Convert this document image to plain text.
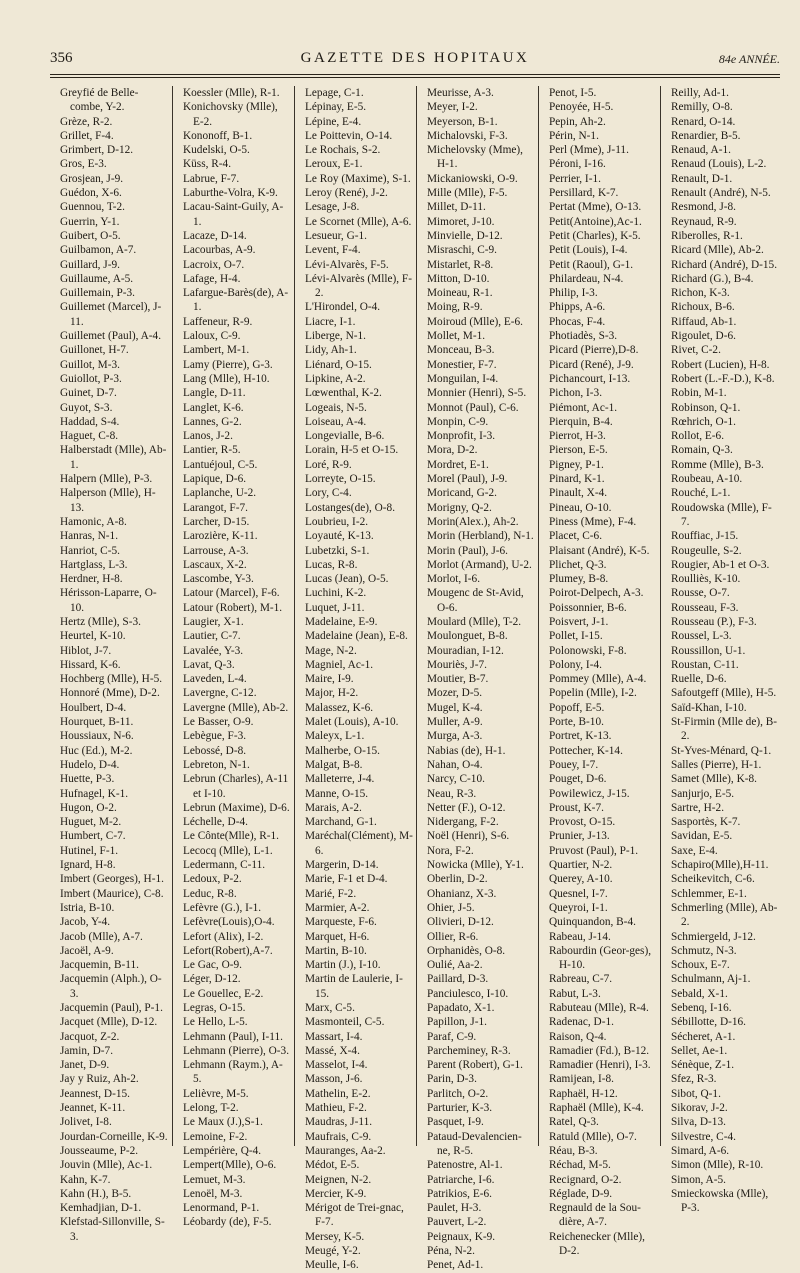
356	GAZETTE DES HOPITAUX	84e ANNÉE.

Greyfié de Belle-combe, Y-2.

Grèze, R-2.

Grillet, F-4.

Grimbert, D-12.

Gros, E-3.

Grosjean, J-9.

Guédon, X-6.

Guennou, T-2.

Guerrin, Y-1.

Guibert, O-5.

Guilbamon, A-7.

Guillard, J-9.

Guillaume, A-5.

Guillemain, P-3.

Guillemet (Marcel), J-11.

Guillemet (Paul), A-4.

Guillonet, H-7.

Guillot, M-3.

Guiollot, P-3.

Guinet, D-7.

Guyot, S-3.

Haddad, S-4.

Haguet, C-8.

Halberstadt (Mlle), Ab-1.

Halpern (Mlle), P-3.

Halperson (Mlle), H-13.

Hamonic, A-8.

Hanras, N-1.

Hanriot, C-5.

Hartglass, L-3.

Herdner, H-8.

Hérisson-Laparre, O-10.

Hertz (Mlle), S-3.

Heurtel, K-10.

Hiblot, J-7.

Hissard, K-6.

Hochberg (Mlle), H-5.

Honnoré (Mme), D-2.

Houlbert, D-4.

Hourquet, B-11.

Houssiaux, N-6.

Huc (Ed.), M-2.

Hudelo, D-4.

Huette, P-3.

Hufnagel, K-1.

Hugon, O-2.

Huguet, M-2.

Humbert, C-7.

Hutinel, F-1.

Ignard, H-8.

Imbert (Georges), H-1.

Imbert (Maurice), C-8.

Istria, B-10.

Jacob, Y-4.

Jacob (Mlle), A-7.

Jacoël, A-9.

Jacquemin, B-11.

Jacquemin (Alph.), O-3.

Jacquemin (Paul), P-1.

Jacquet (Mlle), D-12.

Jacquot, Z-2.

Jamin, D-7.

Janet, D-9.

Jay y Ruiz, Ah-2.

Jeannest, D-15.

Jeannet, K-11.

Jolivet, I-8.

Jourdan-Corneille, K-9.

Jousseaume, P-2.

Jouvin (Mlle), Ac-1.

Kahn, K-7.

Kahn (H.), B-5.

Kemhadjian, D-1.

Klefstad-Sillonville, S-3.

Koessler (Mlle), R-1.

Konichovsky (Mlle), E-2.

Kononoff, B-1.

Kudelski, O-5.

Küss, R-4.

Labrue, F-7.

Laburthe-Volra, K-9.

Lacau-Saint-Guily, A-1.

Lacaze, D-14.

Lacourbas, A-9.

Lacroix, O-7.

Lafage, H-4.

Lafargue-Barès(de), A-1.

Laffeneur, R-9.

Laloux, C-9.

Lambert, M-1.

Lamy (Pierre), G-3.

Lang (Mlle), H-10.

Langle, D-11.

Langlet, K-6.

Lannes, G-2.

Lanos, J-2.

Lantier, R-5.

Lantuéjoul, C-5.

Lapique, D-6.

Laplanche, U-2.

Larangot, F-7.

Larcher, D-15.

Larozière, K-11.

Larrouse, A-3.

Lascaux, X-2.

Lascombe, Y-3.

Latour (Marcel), F-6.

Latour (Robert), M-1.

Laugier, X-1.

Lautier, C-7.

Lavalée, Y-3.

Lavat, Q-3.

Laveden, L-4.

Lavergne, C-12.

Lavergne (Mlle), Ab-2.

Le Basser, O-9.

Lebègue, F-3.

Lebossé, D-8.

Lebreton, N-1.

Lebrun (Charles), A-11 et I-10.

Lebrun (Maxime), D-6.

Léchelle, D-4.

Le Cônte(Mlle), R-1.

Lecocq (Mlle), L-1.

Ledermann, C-11.

Ledoux, P-2.

Leduc, R-8.

Lefèvre (G.), I-1.

Lefèvre(Louis),O-4.

Lefort (Alix), I-2.

Lefort(Robert),A-7.

Le Gac, O-9.

Léger, D-12.

Le Gouellec, E-2.

Legras, O-15.

Le Hello, L-5.

Lehmann (Paul), I-11.

Lehmann (Pierre), O-3.

Lehmann (Raym.), A-5.

Lelièvre, M-5.

Lelong, T-2.

Le Maux (J.),S-1.

Lemoine, F-2.

Lempérière, Q-4.

Lempert(Mlle), O-6.

Lemuet, M-3.

Lenoël, M-3.

Lenormand, P-1.

Léobardy (de), F-5.

Lepage, C-1.

Lépinay, E-5.

Lépine, E-4.

Le Poittevin, O-14.

Le Rochais, S-2.

Leroux, E-1.

Le Roy (Maxime), S-1.

Leroy (René), J-2.

Lesage, J-8.

Le Scornet (Mlle), A-6.

Lesueur, G-1.

Levent, F-4.

Lévi-Alvarès, F-5.

Lévi-Alvarès (Mlle), F-2.

L'Hirondel, O-4.

Liacre, I-1.

Liberge, N-1.

Lidy, Ah-1.

Liénard, O-15.

Lipkine, A-2.

Lœwenthal, K-2.

Logeais, N-5.

Loiseau, A-4.

Longevialle, B-6.

Lorain, H-5 et O-15.

Loré, R-9.

Lorreyte, O-15.

Lory, C-4.

Lostanges(de), O-8.

Loubrieu, I-2.

Loyauté, K-13.

Lubetzki, S-1.

Lucas, R-8.

Lucas (Jean), O-5.

Luchini, K-2.

Luquet, J-11.

Madelaine, E-9.

Madelaine (Jean), E-8.

Mage, N-2.

Magniel, Ac-1.

Maire, I-9.

Major, H-2.

Malassez, K-6.

Malet (Louis), A-10.

Maleyx, L-1.

Malherbe, O-15.

Malgat, B-8.

Malleterre, J-4.

Manne, O-15.

Marais, A-2.

Marchand, G-1.

Maréchal(Clément), M-6.

Margerin, D-14.

Marie, F-1 et D-4.

Marié, F-2.

Marmier, A-2.

Marqueste, F-6.

Marquet, H-6.

Martin, B-10.

Martin (J.), I-10.

Martin de Laulerie, I-15.

Marx, C-5.

Masmonteil, C-5.

Massart, I-4.

Massé, X-4.

Masselot, I-4.

Masson, J-6.

Mathelin, E-2.

Mathieu, F-2.

Maudras, J-11.

Maufrais, C-9.

Mauranges, Aa-2.

Médot, E-5.

Meignen, N-2.

Mercier, K-9.

Mérigot de Trei-gnac, F-7.

Mersey, K-5.

Meugé, Y-2.

Meulle, I-6.

Meurisse, A-3.

Meyer, I-2.

Meyerson, B-1.

Michalovski, F-3.

Michelovsky (Mme), H-1.

Mickaniowski, O-9.

Mille (Mlle), F-5.

Millet, D-11.

Mimoret, J-10.

Minvielle, D-12.

Misraschi, C-9.

Mistarlet, R-8.

Mitton, D-10.

Moineau, R-1.

Moing, R-9.

Moiroud (Mlle), E-6.

Mollet, M-1.

Monceau, B-3.

Monestier, F-7.

Monguilan, I-4.

Monnier (Henri), S-5.

Monnot (Paul), C-6.

Monpin, C-9.

Monprofit, I-3.

Mora, D-2.

Mordret, E-1.

Morel (Paul), J-9.

Moricand, G-2.

Morigny, Q-2.

Morin(Alex.), Ah-2.

Morin (Herbland), N-1.

Morin (Paul), J-6.

Morlot (Armand), U-2.

Morlot, I-6.

Mougenc de St-Avid, O-6.

Moulard (Mlle), T-2.

Moulonguet, B-8.

Mouradian, I-12.

Mouriès, J-7.

Moutier, B-7.

Mozer, D-5.

Mugel, K-4.

Muller, A-9.

Murga, A-3.

Nabias (de), H-1.

Nahan, O-4.

Narcy, C-10.

Neau, R-3.

Netter (F.), O-12.

Nidergang, F-2.

Noël (Henri), S-6.

Nora, F-2.

Nowicka (Mlle), Y-1.

Oberlin, D-2.

Ohanianz, X-3.

Ohier, J-5.

Olivieri, D-12.

Ollier, R-6.

Orphanidès, O-8.

Oulié, Aa-2.

Paillard, D-3.

Panciulesco, I-10.

Papadato, X-1.

Papillon, J-1.

Paraf, C-9.

Parcheminey, R-3.

Parent (Robert), G-1.

Parin, D-3.

Parlitch, O-2.

Parturier, K-3.

Pasquet, I-9.

Pataud-Devalencien-ne, R-5.

Patenostre, Al-1.

Patriarche, I-6.

Patrikios, E-6.

Paulet, H-3.

Pauvert, L-2.

Peignaux, K-9.

Péna, N-2.

Penet, Ad-1.

Penot, I-5.

Penoyée, H-5.

Pepin, Ah-2.

Périn, N-1.

Perl (Mme), J-11.

Péroni, I-16.

Perrier, I-1.

Persillard, K-7.

Pertat (Mme), O-13.

Petit(Antoine),Ac-1.

Petit (Charles), K-5.

Petit (Louis), I-4.

Petit (Raoul), G-1.

Philardeau, N-4.

Philip, I-3.

Phipps, A-6.

Phocas, F-4.

Photiadès, S-3.

Picard (Pierre),D-8.

Picard (René), J-9.

Pichancourt, I-13.

Pichon, I-3.

Piémont, Ac-1.

Pierquin, B-4.

Pierrot, H-3.

Pierson, E-5.

Pigney, P-1.

Pinard, K-1.

Pinault, X-4.

Pineau, O-10.

Piness (Mme), F-4.

Placet, C-6.

Plaisant (André), K-5.

Plichet, Q-3.

Plumey, B-8.

Poirot-Delpech, A-3.

Poissonnier, B-6.

Poisvert, J-1.

Pollet, I-15.

Polonowski, F-8.

Polony, I-4.

Pommey (Mlle), A-4.

Popelin (Mlle), I-2.

Popoff, E-5.

Porte, B-10.

Portret, K-13.

Pottecher, K-14.

Pouey, I-7.

Pouget, D-6.

Powilewicz, J-15.

Proust, K-7.

Provost, O-15.

Prunier, J-13.

Pruvost (Paul), P-1.

Quartier, N-2.

Querey, A-10.

Quesnel, I-7.

Queyroi, I-1.

Quinquandon, B-4.

Rabeau, J-14.

Rabourdin (Geor-ges), H-10.

Rabreau, C-7.

Rabut, L-3.

Rabuteau (Mlle), R-4.

Radenac, D-1.

Raison, Q-4.

Ramadier (Fd.), B-12.

Ramadier (Henri), I-3.

Ramijean, I-8.

Raphaël, H-12.

Raphaël (Mlle), K-4.

Ratel, Q-3.

Ratuld (Mlle), O-7.

Réau, B-3.

Réchad, M-5.

Recignard, O-2.

Réglade, D-9.

Regnauld de la Sou-dière, A-7.

Reichenecker (Mlle), D-2.

Reilly, Ad-1.

Remilly, O-8.

Renard, O-14.

Renardier, B-5.

Renaud, A-1.

Renaud (Louis), L-2.

Renault, D-1.

Renault (André), N-5.

Resmond, J-8.

Reynaud, R-9.

Riberolles, R-1.

Ricard (Mlle), Ab-2.

Richard (André), D-15.

Richard (G.), B-4.

Richon, K-3.

Richoux, B-6.

Riffaud, Ab-1.

Rigoulet, D-6.

Rivet, C-2.

Robert (Lucien), H-8.

Robert (L.-F.-D.), K-8.

Robin, M-1.

Robinson, Q-1.

Rœhrich, O-1.

Rollot, E-6.

Romain, Q-3.

Romme (Mlle), B-3.

Roubeau, A-10.

Rouché, L-1.

Roudowska (Mlle), F-7.

Rouffiac, J-15.

Rougeulle, S-2.

Rougier, Ab-1 et O-3.

Roulliès, K-10.

Rousse, O-7.

Rousseau, F-3.

Rousseau (P.), F-3.

Roussel, L-3.

Roussillon, U-1.

Roustan, C-11.

Ruelle, D-6.

Safoutgeff (Mlle), H-5.

Saïd-Khan, I-10.

St-Firmin (Mlle de), B-2.

St-Yves-Ménard, Q-1.

Salles (Pierre), H-1.

Samet (Mlle), K-8.

Sanjurjo, E-5.

Sartre, H-2.

Sasportès, K-7.

Savidan, E-5.

Saxe, E-4.

Schapiro(Mlle),H-11.

Scheikevitch, C-6.

Schlemmer, E-1.

Schmerling (Mlle), Ab-2.

Schmiergeld, J-12.

Schmutz, N-3.

Schoux, E-7.

Schulmann, Aj-1.

Sebald, X-1.

Sebenq, I-16.

Sébillotte, D-16.

Sécheret, A-1.

Sellet, Ae-1.

Sénèque, Z-1.

Sfez, R-3.

Sibot, Q-1.

Sikorav, J-2.

Silva, D-13.

Silvestre, C-4.

Simard, A-6.

Simon (Mlle), R-10.

Simon, A-5.

Smieckowska (Mlle), P-3.
